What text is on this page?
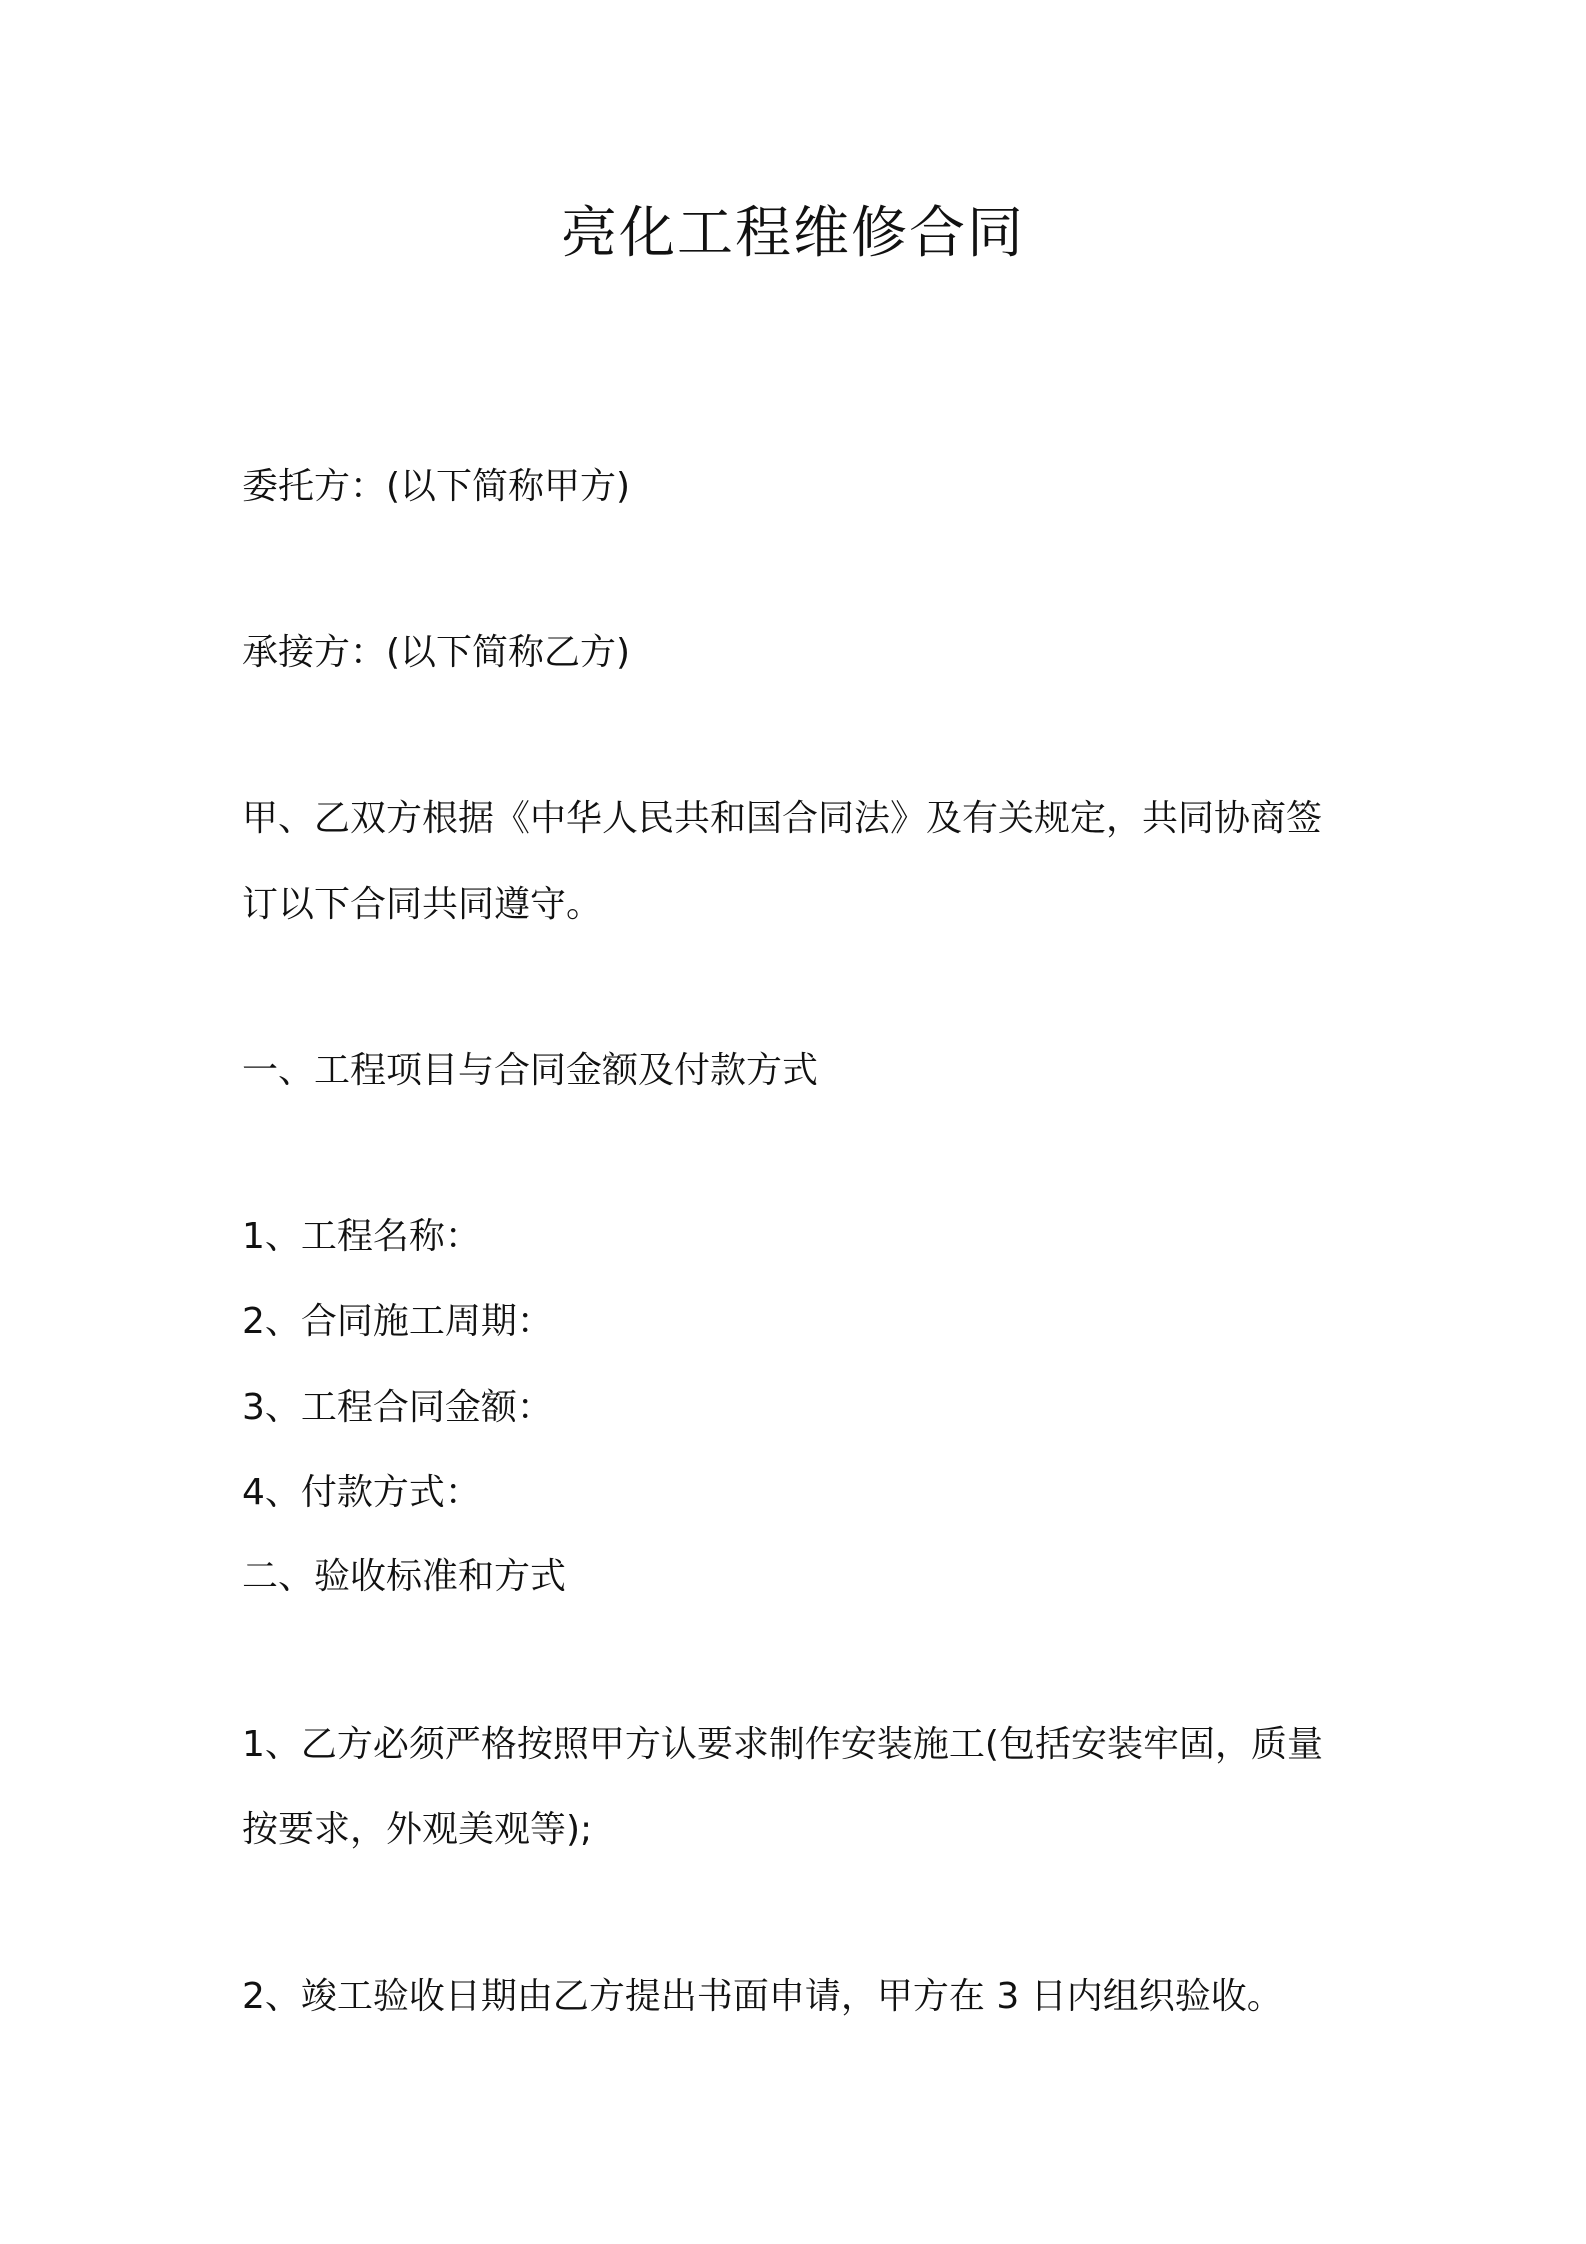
亮化工程维修合同

委托方：(以下简称甲方)

承接方：(以下简称乙方)

甲、乙双方根据《中华人民共和国合同法》及有关规定，共同协商签

订以下合同共同遵守。

一、工程项目与合同金额及付款方式

1、工程名称：

2、合同施工周期：

3、工程合同金额：

4、付款方式：

二、验收标准和方式

1、乙方必须严格按照甲方认要求制作安装施工(包括安装牢固，质量

按要求，外观美观等);

2、竣工验收日期由乙方提出书面申请，甲方在 3 日内组织验收。
